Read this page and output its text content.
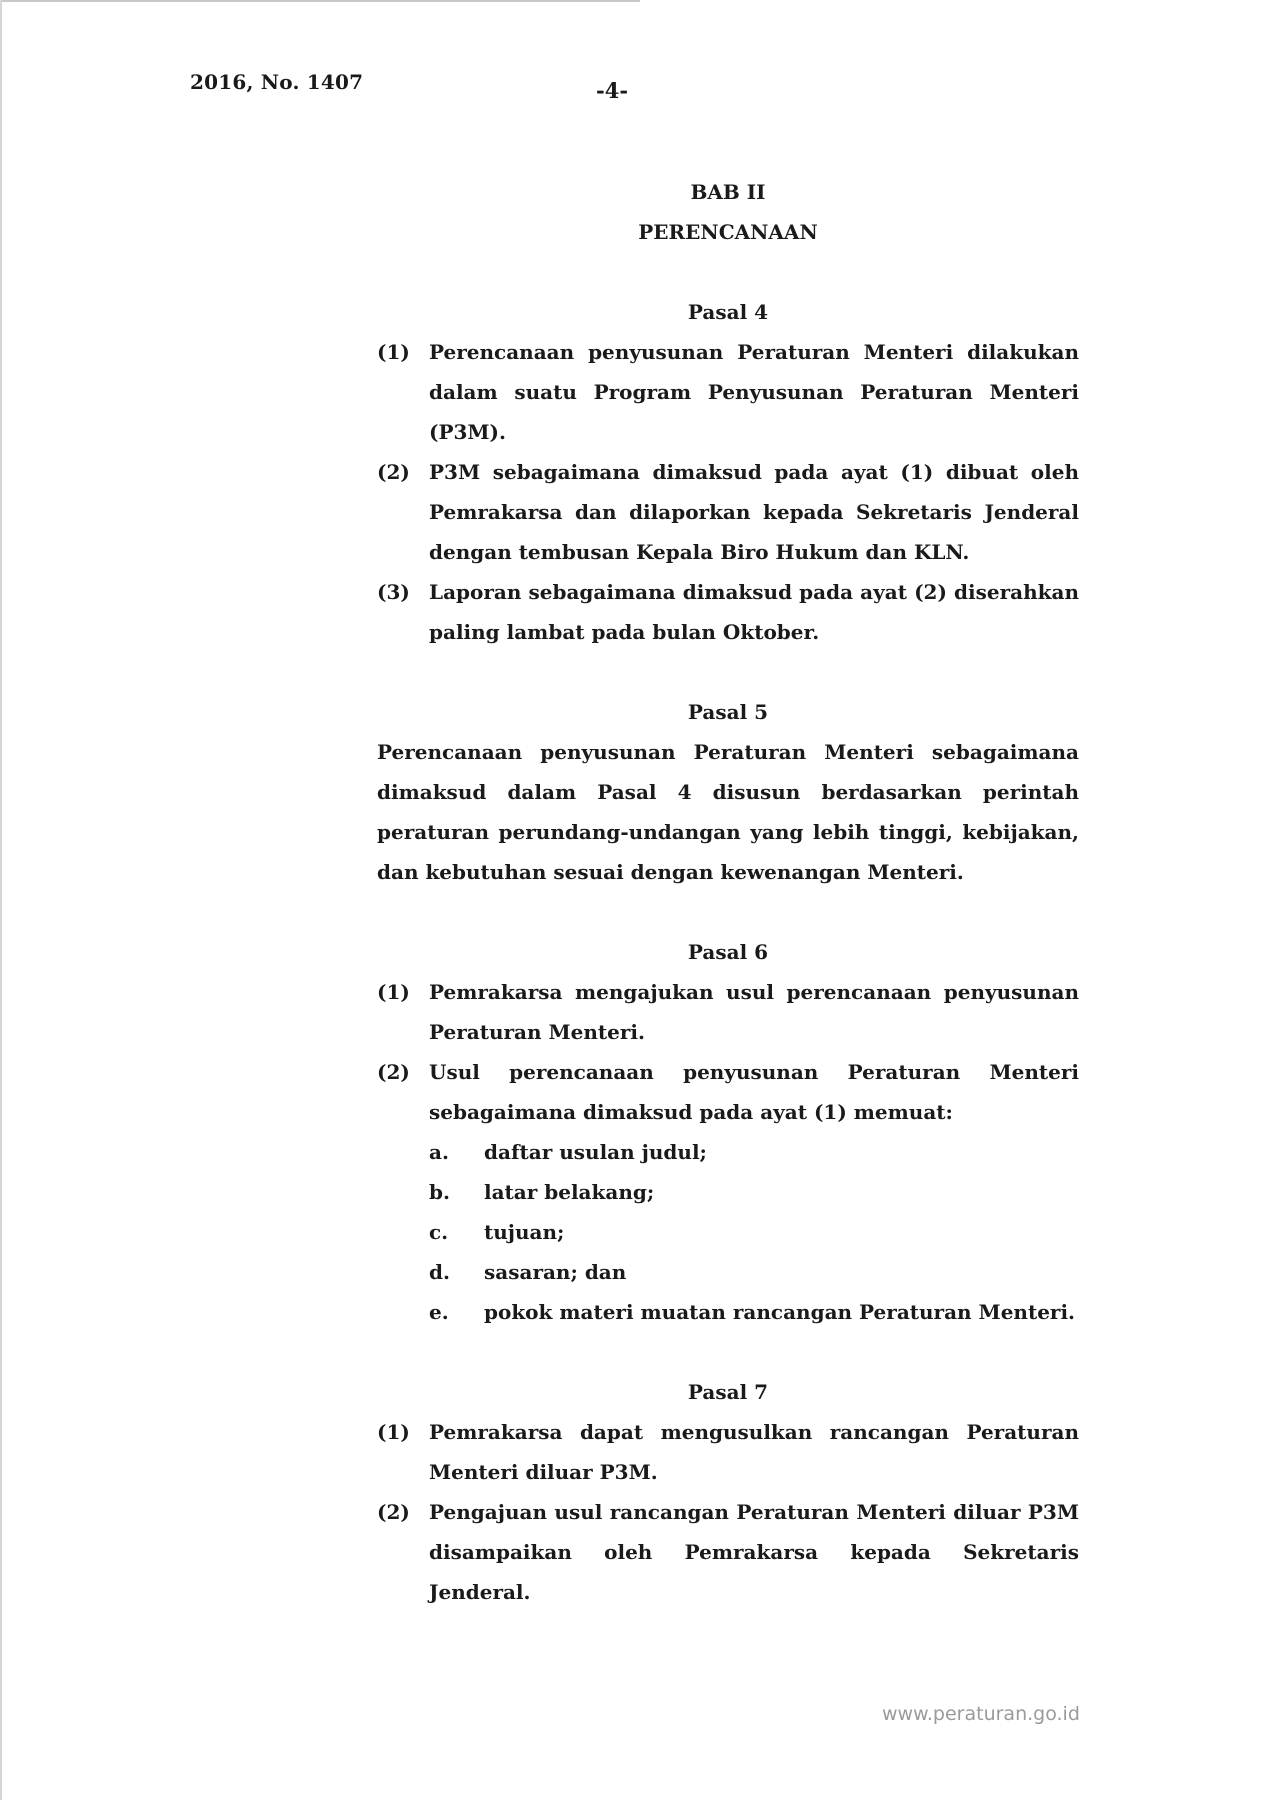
2016, No. 1407	-4-
BAB II
PERENCANAAN
Pasal 4
(1) Perencanaan penyusunan Peraturan Menteri dilakukan dalam suatu Program Penyusunan Peraturan Menteri (P3M).
(2) P3M sebagaimana dimaksud pada ayat (1) dibuat oleh Pemrakarsa dan dilaporkan kepada Sekretaris Jenderal dengan tembusan Kepala Biro Hukum dan KLN.
(3) Laporan sebagaimana dimaksud pada ayat (2) diserahkan paling lambat pada bulan Oktober.
Pasal 5
Perencanaan penyusunan Peraturan Menteri sebagaimana dimaksud dalam Pasal 4 disusun berdasarkan perintah peraturan perundang-undangan yang lebih tinggi, kebijakan, dan kebutuhan sesuai dengan kewenangan Menteri.
Pasal 6
(1) Pemrakarsa mengajukan usul perencanaan penyusunan Peraturan Menteri.
(2) Usul perencanaan penyusunan Peraturan Menteri sebagaimana dimaksud pada ayat (1) memuat:
a.	daftar usulan judul;
b.	latar belakang;
c.	tujuan;
d.	sasaran; dan
e.	pokok materi muatan rancangan Peraturan Menteri.
Pasal 7
(1) Pemrakarsa dapat mengusulkan rancangan Peraturan Menteri diluar P3M.
(2) Pengajuan usul rancangan Peraturan Menteri diluar P3M disampaikan oleh Pemrakarsa kepada Sekretaris Jenderal.
www.peraturan.go.id
